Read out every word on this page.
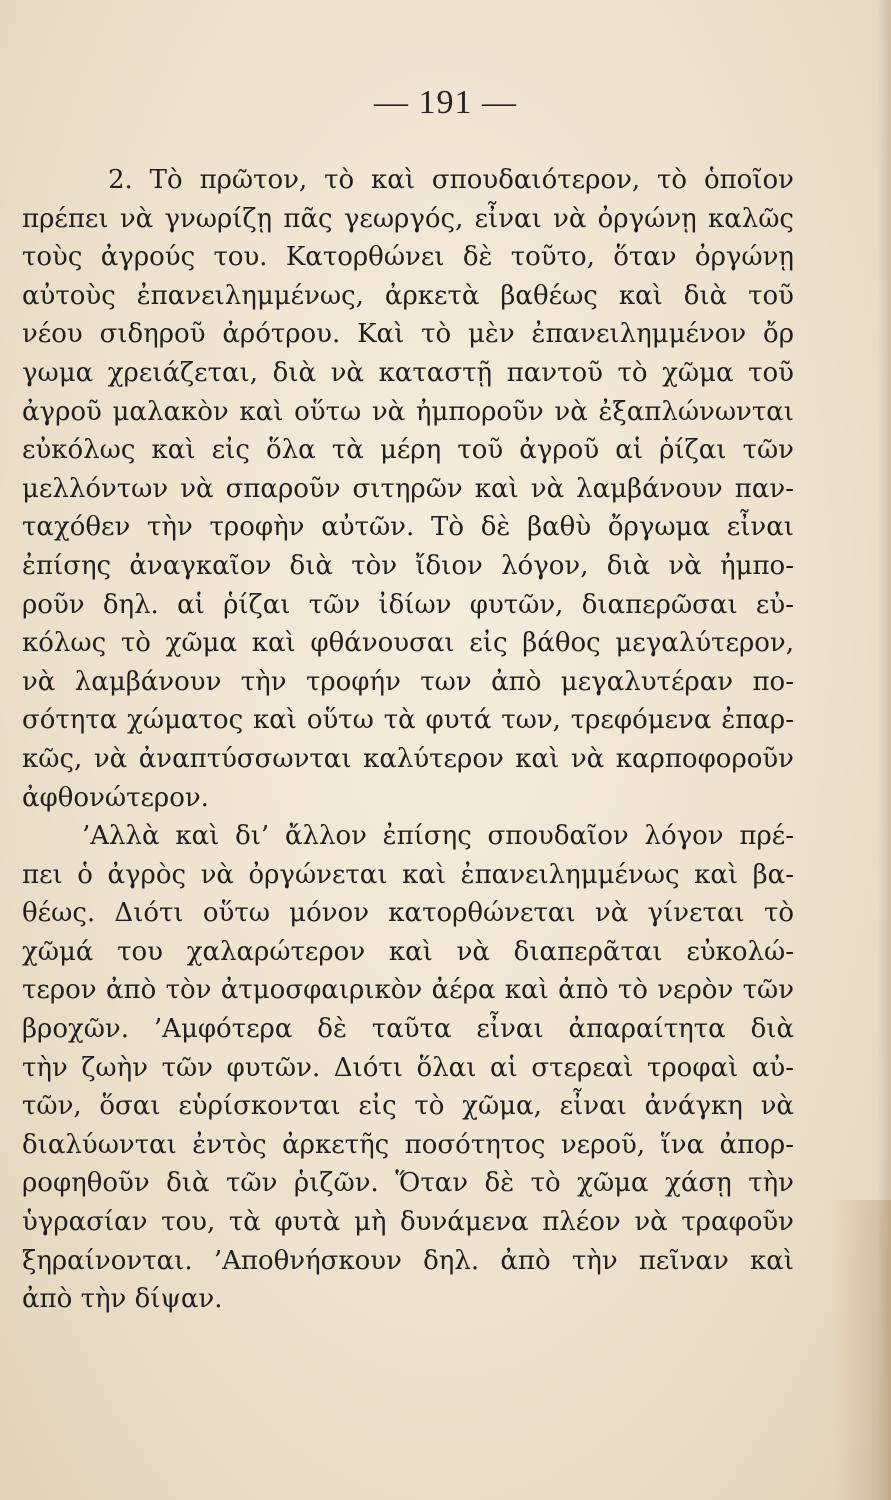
— 191 —
2. Τὸ πρῶτον, τὸ καὶ σπουδαιότερον, τὸ ὁποῖον
πρέπει νὰ γνωρίζῃ πᾶς γεωργός, εἶναι νὰ ὀργώνῃ καλῶς
τοὺς ἀγρούς του. Κατορθώνει δὲ τοῦτο, ὅταν ὀργώνῃ
αὐτοὺς ἐπανειλημμένως, ἀρκετὰ βαθέως καὶ διὰ τοῦ
νέου σιδηροῦ ἀρότρου. Καὶ τὸ μὲν ἐπανειλημμένον ὄρ
γωμα χρειάζεται, διὰ νὰ καταστῇ παντοῦ τὸ χῶμα τοῦ
ἀγροῦ μαλακὸν καὶ οὕτω νὰ ἠμποροῦν νὰ ἐξαπλώνωνται
εὐκόλως καὶ εἰς ὅλα τὰ μέρη τοῦ ἀγροῦ αἱ ῥίζαι τῶν
μελλόντων νὰ σπαροῦν σιτηρῶν καὶ νὰ λαμβάνουν παν-
ταχόθεν τὴν τροφὴν αὐτῶν. Τὸ δὲ βαθὺ ὄργωμα εἶναι
ἐπίσης ἀναγκαῖον διὰ τὸν ἴδιον λόγον, διὰ νὰ ἠμπο-
ροῦν δηλ. αἱ ῥίζαι τῶν ἰδίων φυτῶν, διαπερῶσαι εὐ-
κόλως τὸ χῶμα καὶ φθάνουσαι εἰς βάθος μεγαλύτερον,
νὰ λαμβάνουν τὴν τροφήν των ἀπὸ μεγαλυτέραν πο-
σότητα χώματος καὶ οὕτω τὰ φυτά των, τρεφόμενα ἐπαρ-
κῶς, νὰ ἀναπτύσσωνται καλύτερον καὶ νὰ καρποφοροῦν
ἀφθονώτερον.
’Αλλὰ καὶ δι’ ἄλλον ἐπίσης σπουδαῖον λόγον πρέ-
πει ὁ ἀγρὸς νὰ ὀργώνεται καὶ ἐπανειλημμένως καὶ βα-
θέως. Διότι οὕτω μόνον κατορθώνεται νὰ γίνεται τὸ
χῶμά του χαλαρώτερον καὶ νὰ διαπερᾶται εὐκολώ-
τερον ἀπὸ τὸν ἀτμοσφαιρικὸν ἀέρα καὶ ἀπὸ τὸ νερὸν τῶν
βροχῶν. ’Αμφότερα δὲ ταῦτα εἶναι ἀπαραίτητα διὰ
τὴν ζωὴν τῶν φυτῶν. Διότι ὅλαι αἱ στερεαὶ τροφαὶ αὐ-
τῶν, ὅσαι εὑρίσκονται εἰς τὸ χῶμα, εἶναι ἀνάγκη νὰ
διαλύωνται ἐντὸς ἀρκετῆς ποσότητος νεροῦ, ἵνα ἀπορ-
ροφηθοῦν διὰ τῶν ῥιζῶν. Ὅταν δὲ τὸ χῶμα χάσῃ τὴν
ὑγρασίαν του, τὰ φυτὰ μὴ δυνάμενα πλέον νὰ τραφοῦν
ξηραίνονται. ’Αποθνήσκουν δηλ. ἀπὸ τὴν πεῖναν καὶ
ἀπὸ τὴν δίψαν.
